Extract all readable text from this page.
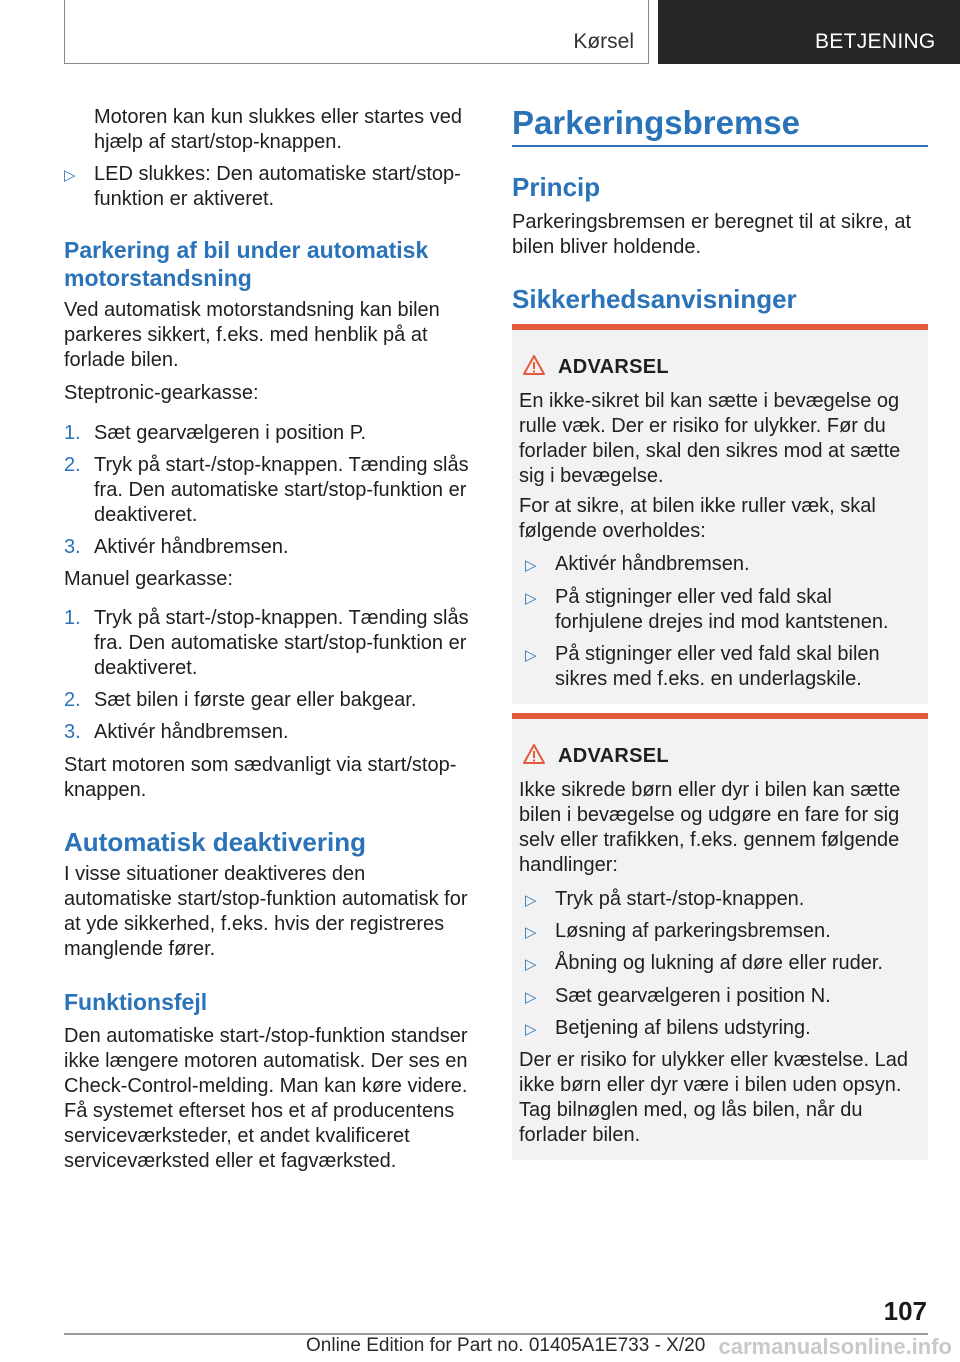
Kørsel	BETJENING
Motoren kan kun slukkes eller startes ved hjælp af start/stop-knappen.
▷ LED slukkes: Den automatiske start/stop-funktion er aktiveret.
Parkering af bil under automatisk motorstandsning
Ved automatisk motorstandsning kan bilen parkeres sikkert, f.eks. med henblik på at forlade bilen.
Steptronic-gearkasse:
1. Sæt gearvælgeren i position P.
2. Tryk på start-/stop-knappen. Tænding slås fra. Den automatiske start/stop-funktion er deaktiveret.
3. Aktivér håndbremsen.
Manuel gearkasse:
1. Tryk på start-/stop-knappen. Tænding slås fra. Den automatiske start/stop-funktion er deaktiveret.
2. Sæt bilen i første gear eller bakgear.
3. Aktivér håndbremsen.
Start motoren som sædvanligt via start/stop-knappen.
Automatisk deaktivering
I visse situationer deaktiveres den automatiske start/stop-funktion automatisk for at yde sikkerhed, f.eks. hvis der registreres manglende fører.
Funktionsfejl
Den automatiske start-/stop-funktion standser ikke længere motoren automatisk. Der ses en Check-Control-melding. Man kan køre videre. Få systemet efterset hos et af producentens serviceværksteder, et andet kvalificeret serviceværksted eller et fagværksted.
Parkeringsbremse
Princip
Parkeringsbremsen er beregnet til at sikre, at bilen bliver holdende.
Sikkerhedsanvisninger
ADVARSEL
En ikke-sikret bil kan sætte i bevægelse og rulle væk. Der er risiko for ulykker. Før du forlader bilen, skal den sikres mod at sætte sig i bevægelse.
For at sikre, at bilen ikke ruller væk, skal følgende overholdes:
▷ Aktivér håndbremsen.
▷ På stigninger eller ved fald skal forhjulene drejes ind mod kantstenen.
▷ På stigninger eller ved fald skal bilen sikres med f.eks. en underlagskile.
ADVARSEL
Ikke sikrede børn eller dyr i bilen kan sætte bilen i bevægelse og udgøre en fare for sig selv eller trafikken, f.eks. gennem følgende handlinger:
▷ Tryk på start-/stop-knappen.
▷ Løsning af parkeringsbremsen.
▷ Åbning og lukning af døre eller ruder.
▷ Sæt gearvælgeren i position N.
▷ Betjening af bilens udstyring.
Der er risiko for ulykker eller kvæstelse. Lad ikke børn eller dyr være i bilen uden opsyn. Tag bilnøglen med, og lås bilen, når du forlader bilen.
107
Online Edition for Part no. 01405A1E733 - X/20 carmanualsonline.info
